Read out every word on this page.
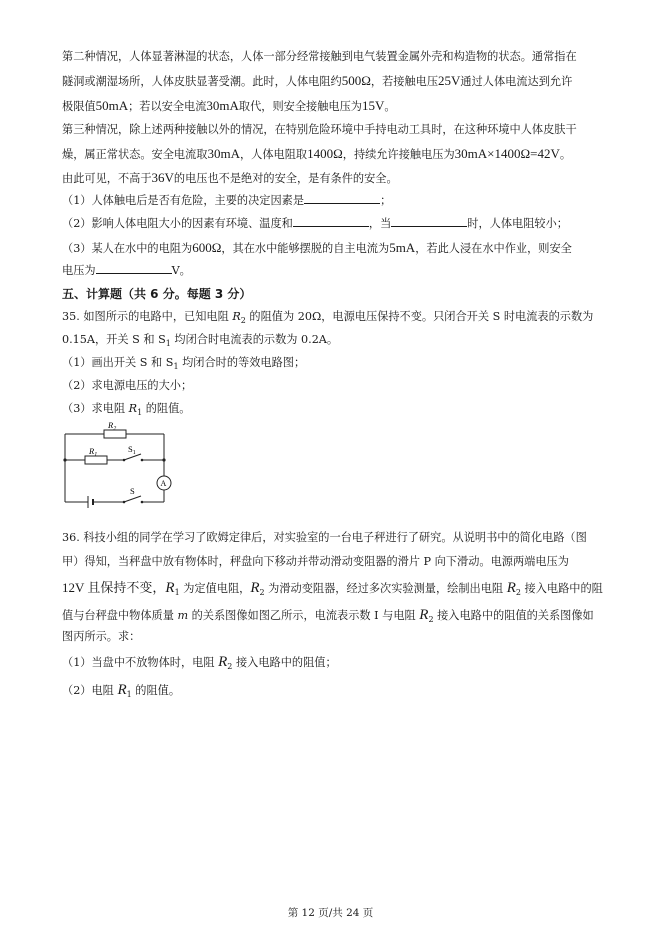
第二种情况，人体显著淋湿的状态，人体一部分经常接触到电气装置金属外壳和构造物的状态。通常指在
隧洞或潮湿场所，人体皮肤显著受潮。此时，人体电阻约500Ω，若接触电压25V通过人体电流达到允许
极限值50mA；若以安全电流30mA取代，则安全接触电压为15V。
第三种情况，除上述两种接触以外的情况，在特别危险环境中手持电动工具时，在这种环境中人体皮肤干
燥，属正常状态。安全电流取30mA，人体电阻取1400Ω，持续允许接触电压为30mA×1400Ω=42V。
由此可见，不高于36V的电压也不是绝对的安全，是有条件的安全。
（1）人体触电后是否有危险，主要的决定因素是	；
（2）影响人体电阻大小的因素有环境、温度和	，当	时，人体电阻较小；
（3）某人在水中的电阻为600Ω，其在水中能够摆脱的自主电流为5mA，若此人浸在水中作业，则安全
电压为	V。
五、计算题（共 6 分。每题 3 分）
35. 如图所示的电路中，已知电阻 $R_2$ 的阻值为 20Ω，电源电压保持不变。只闭合开关 S 时电流表的示数为
0.15A，开关 S 和 $S_1$ 均闭合时电流表的示数为 0.2A。
（1）画出开关 S 和 $S_1$ 均闭合时的等效电路图；
（2）求电源电压的大小；
（3）求电阻 $R_1$ 的阻值。
$R_2$
$R_1$
$S_1$
S
A
36. 科技小组的同学在学习了欧姆定律后，对实验室的一台电子秤进行了研究。从说明书中的简化电路（图
甲）得知，当秤盘中放有物体时，秤盘向下移动并带动滑动变阻器的滑片 P 向下滑动。电源两端电压为
12V 且保持不变，$R_1$ 为定值电阻，$R_2$ 为滑动变阻器，经过多次实验测量，绘制出电阻 $R_2$ 接入电路中的阻
值与台秤盘中物体质量 m 的关系图像如图乙所示，电流表示数 I 与电阻 $R_2$ 接入电路中的阻值的关系图像如
图丙所示。求：
（1）当盘中不放物体时，电阻 $R_2$ 接入电路中的阻值；
（2）电阻 $R_1$ 的阻值。
第 12 页/共 24 页
